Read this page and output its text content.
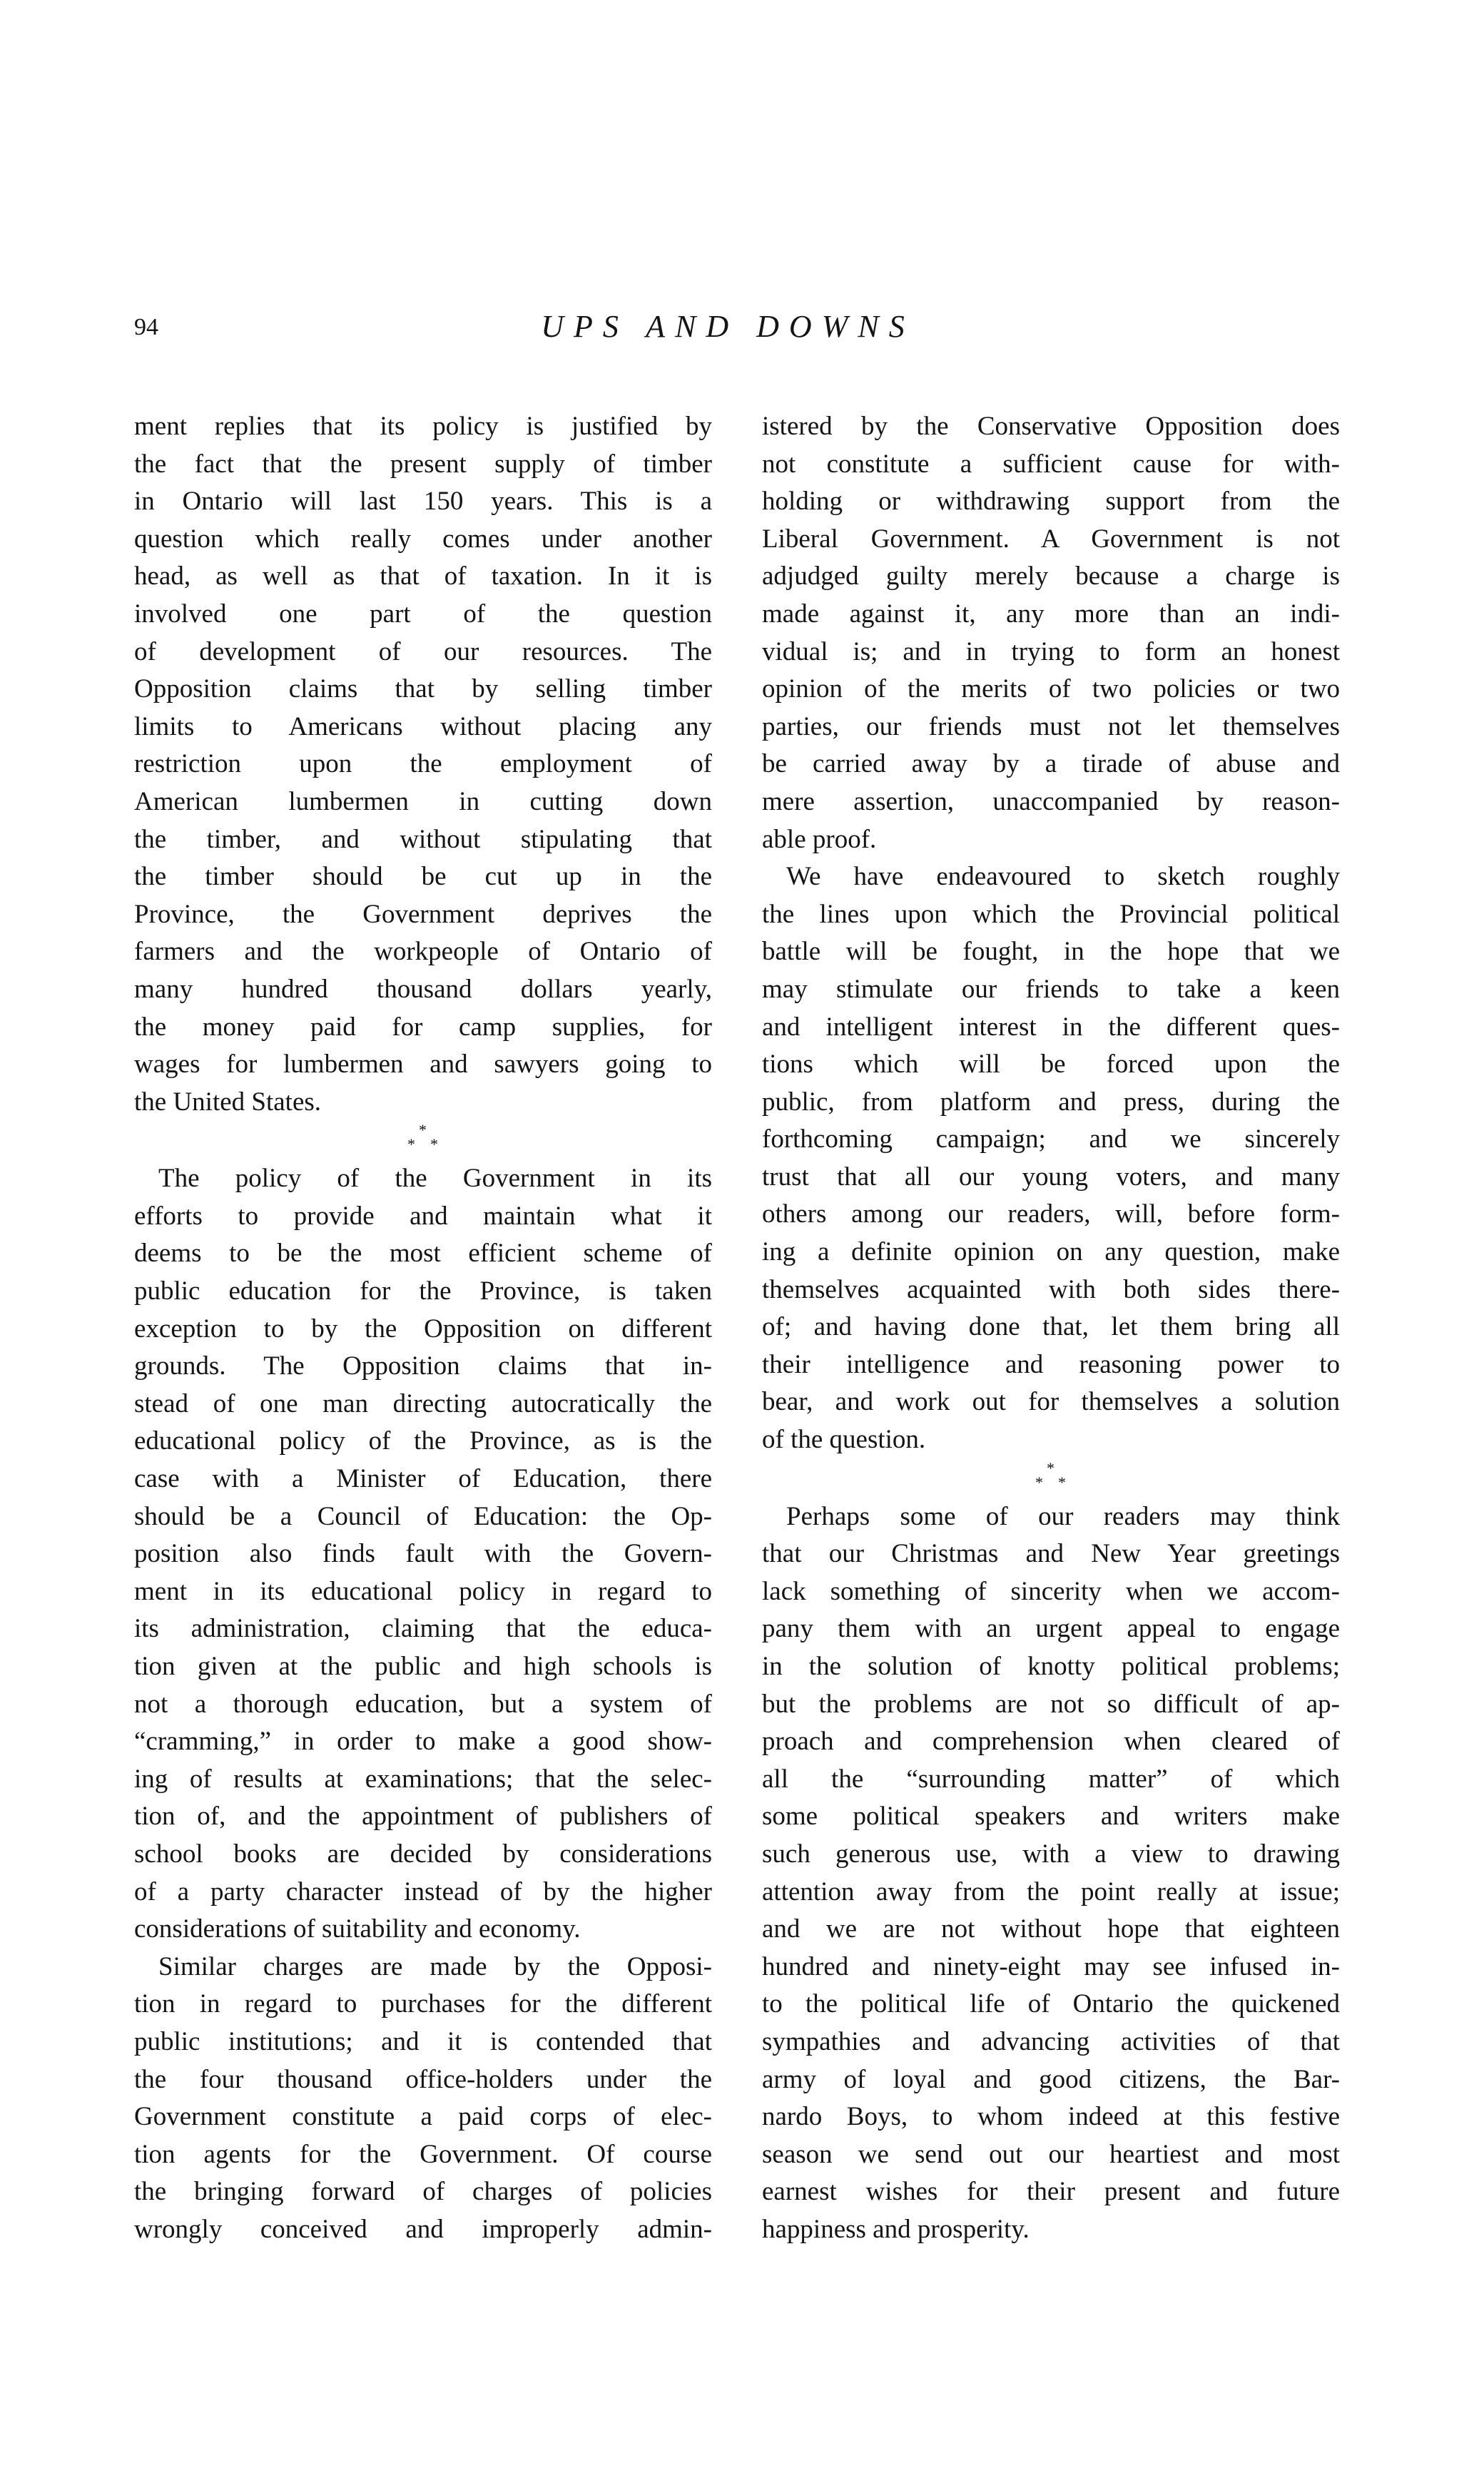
94	UPS AND DOWNS
ment replies that its policy is justified by
the fact that the present supply of timber
in Ontario will last 150 years. This is a
question which really comes under another
head, as well as that of taxation. In it is
involved one part of the question
of development of our resources. The
Opposition claims that by selling timber
limits to Americans without placing any
restriction upon the employment of
American lumbermen in cutting down
the timber, and without stipulating that
the timber should be cut up in the
Province, the Government deprives the
farmers and the workpeople of Ontario of
many hundred thousand dollars yearly,
the money paid for camp supplies, for
wages for lumbermen and sawyers going to
the United States.
*
* *
The policy of the Government in its
efforts to provide and maintain what it
deems to be the most efficient scheme of
public education for the Province, is taken
exception to by the Opposition on different
grounds. The Opposition claims that in-
stead of one man directing autocratically the
educational policy of the Province, as is the
case with a Minister of Education, there
should be a Council of Education: the Op-
position also finds fault with the Govern-
ment in its educational policy in regard to
its administration, claiming that the educa-
tion given at the public and high schools is
not a thorough education, but a system of
“cramming,” in order to make a good show-
ing of results at examinations; that the selec-
tion of, and the appointment of publishers of
school books are decided by considerations
of a party character instead of by the higher
considerations of suitability and economy.
Similar charges are made by the Opposi-
tion in regard to purchases for the different
public institutions; and it is contended that
the four thousand office-holders under the
Government constitute a paid corps of elec-
tion agents for the Government. Of course
the bringing forward of charges of policies
wrongly conceived and improperly admin-
istered by the Conservative Opposition does
not constitute a sufficient cause for with-
holding or withdrawing support from the
Liberal Government. A Government is not
adjudged guilty merely because a charge is
made against it, any more than an indi-
vidual is; and in trying to form an honest
opinion of the merits of two policies or two
parties, our friends must not let themselves
be carried away by a tirade of abuse and
mere assertion, unaccompanied by reason-
able proof.
We have endeavoured to sketch roughly
the lines upon which the Provincial political
battle will be fought, in the hope that we
may stimulate our friends to take a keen
and intelligent interest in the different ques-
tions which will be forced upon the
public, from platform and press, during the
forthcoming campaign; and we sincerely
trust that all our young voters, and many
others among our readers, will, before form-
ing a definite opinion on any question, make
themselves acquainted with both sides there-
of; and having done that, let them bring all
their intelligence and reasoning power to
bear, and work out for themselves a solution
of the question.
*
* *
Perhaps some of our readers may think
that our Christmas and New Year greetings
lack something of sincerity when we accom-
pany them with an urgent appeal to engage
in the solution of knotty political problems;
but the problems are not so difficult of ap-
proach and comprehension when cleared of
all the “surrounding matter” of which
some political speakers and writers make
such generous use, with a view to drawing
attention away from the point really at issue;
and we are not without hope that eighteen
hundred and ninety-eight may see infused in-
to the political life of Ontario the quickened
sympathies and advancing activities of that
army of loyal and good citizens, the Bar-
nardo Boys, to whom indeed at this festive
season we send out our heartiest and most
earnest wishes for their present and future
happiness and prosperity.
